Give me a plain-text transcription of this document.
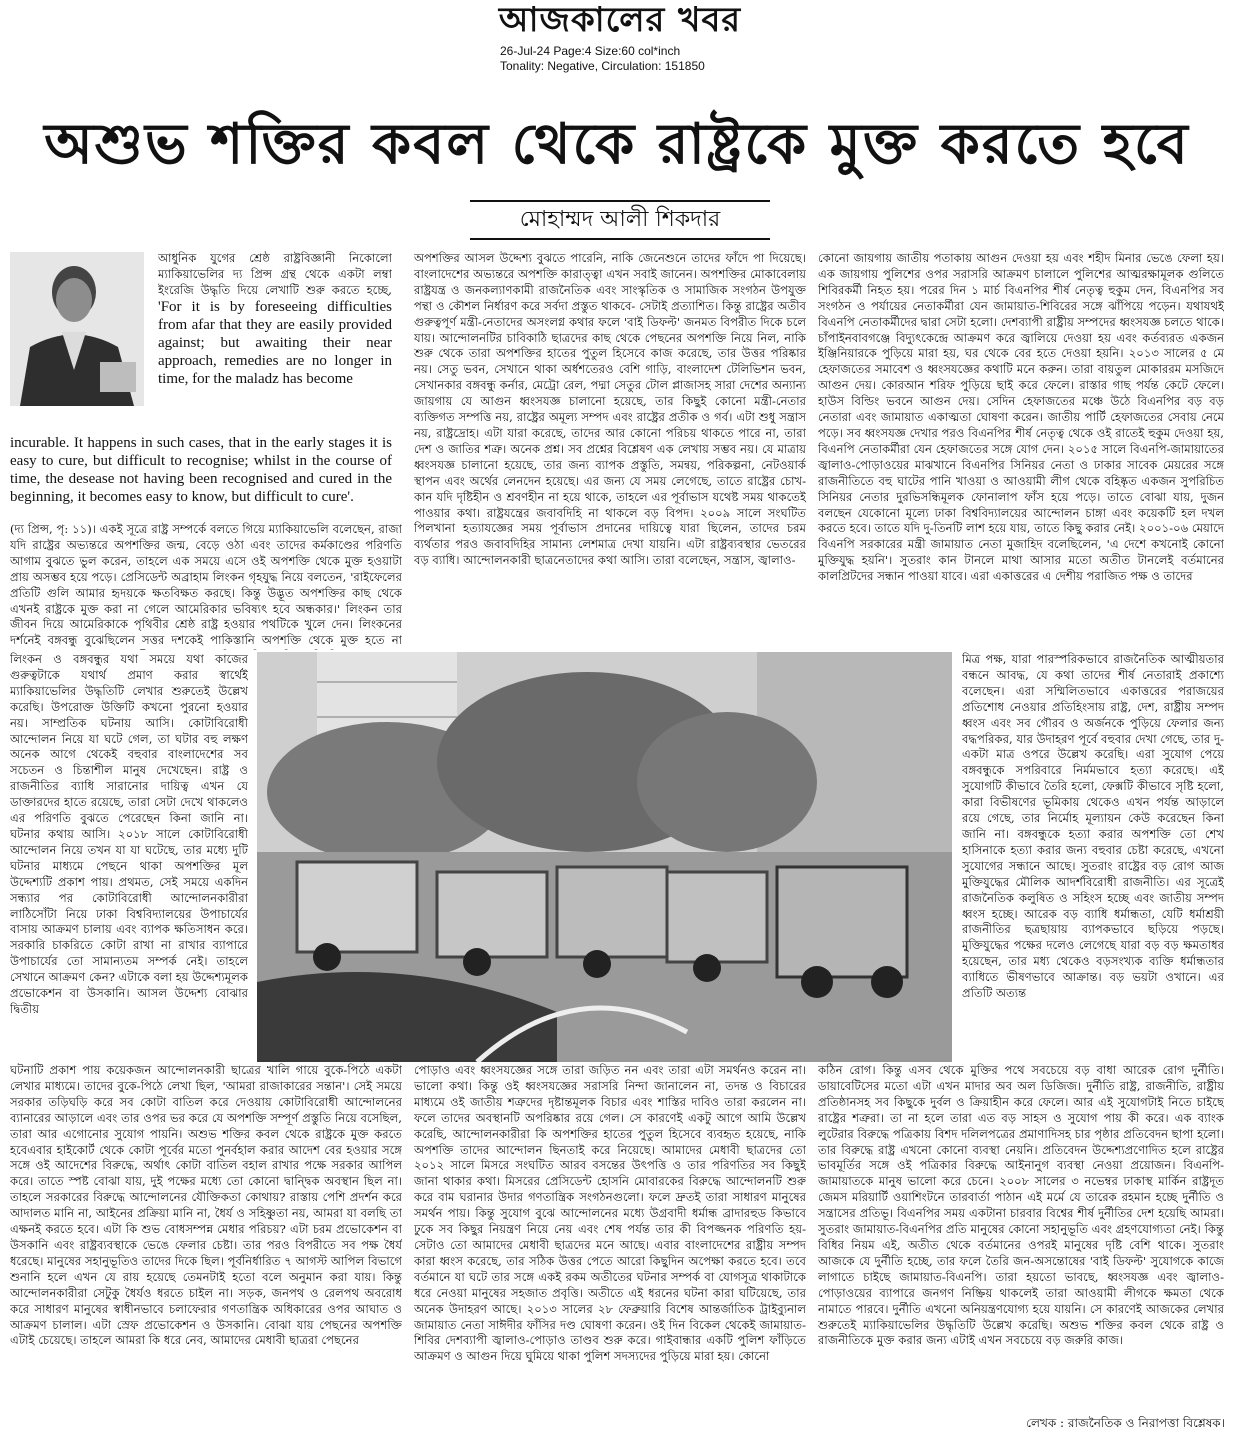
আজকালের খবর
26-Jul-24 Page:4 Size:60 col*inch
Tonality: Negative, Circulation: 151850
অশুভ শক্তির কবল থেকে রাষ্ট্রকে মুক্ত করতে হবে
মোহাম্মদ আলী শিকদার
আধুনিক যুগের শ্রেষ্ঠ রাষ্ট্রবিজ্ঞানী নিকোলো ম্যাকিয়াভেলির দ্য প্রিন্স গ্রন্থ থেকে একটা লম্বা ইংরেজি উদ্ধৃতি দিয়ে লেখাটি শুরু করতে হচ্ছে,
'For it is by foreseeing difficulties from afar that they are easily provided against; but awaiting their near approach, remedies are no longer in time, for the maladz has become
incurable. It happens in such cases, that in the early stages it is easy to cure, but difficult to recognise; whilst in the course of time, the desease not having been recognised and cured in the beginning, it becomes easy to know, but difficult to cure'.
(দ্য প্রিন্স, পৃ: ১১)। একই সূত্রে রাষ্ট্র সম্পর্কে বলতে গিয়ে ম্যাকিয়াভেলি বলেছেন, রাজা যদি রাষ্ট্রের অভ্যন্তরে অপশক্তির জন্ম, বেড়ে ওঠা এবং তাদের কর্মকাণ্ডের পরিণতি আগাম বুঝতে ভুল করেন, তাহলে এক সময়ে এসে ওই অপশক্তি থেকে মুক্ত হওয়াটা প্রায় অসম্ভব হয়ে পড়ে। প্রেসিডেন্ট অব্রাহাম লিংকন গৃহযুদ্ধ নিয়ে বলতেন, 'রাইফেলের প্রতিটি গুলি আমার হৃদয়কে ক্ষতবিক্ষত করছে। কিন্তু উদ্ভূত অপশক্তির কাছ থেকে এখনই রাষ্ট্রকে মুক্ত করা না গেলে আমেরিকার ভবিষ্যৎ হবে অন্ধকার।' লিংকন তার জীবন দিয়ে আমেরিকাকে পৃথিবীর শ্রেষ্ঠ রাষ্ট্র হওয়ার পথটিকে খুলে দেন। লিংকনের দর্শনেই বঙ্গবন্ধু বুঝেছিলেন সত্তর দশকেই পাকিস্তানি অপশক্তি থেকে মুক্ত হতে না
লিংকন ও বঙ্গবন্ধুর যথা সময়ে যথা কাজের গুরুত্বটাকে যথার্থ প্রমাণ করার স্বার্থেই ম্যাকিয়াভেলির উদ্ধৃতিটি লেখার শুরুতেই উল্লেখ করেছি। উপরোক্ত উক্তিটি কখনো পুরনো হওয়ার নয়। সাম্প্রতিক ঘটনায় আসি। কোটাবিরোধী আন্দোলন নিয়ে যা ঘটে গেল, তা ঘটার বহু লক্ষণ অনেক আগে থেকেই বহুবার বাংলাদেশের সব সচেতন ও চিন্তাশীল মানুষ দেখেছেন। রাষ্ট্র ও রাজনীতির ব্যাধি সারানোর দায়িত্ব এখন যে ডাক্তারদের হাতে রয়েছে, তারা সেটা দেখে থাকলেও এর পরিণতি বুঝতে পেরেছেন কিনা জানি না। ঘটনার কথায় আসি। ২০১৮ সালে কোটাবিরোধী আন্দোলন নিয়ে তখন যা যা ঘটেছে, তার মধ্যে দুটি ঘটনার মাধ্যমে পেছনে থাকা অপশক্তির মূল উদ্দেশ্যটি প্রকাশ পায়। প্রথমত, সেই সময়ে একদিন সন্ধ্যার পর কোটাবিরোধী আন্দোলনকারীরা লাঠিসোঁটা নিয়ে ঢাকা বিশ্ববিদ্যালয়ের উপাচার্যের বাসায় আক্রমণ চালায় এবং ব্যাপক ক্ষতিসাধন করে। সরকারি চাকরিতে কোটা রাখা না রাখার ব্যাপারে উপাচার্যের তো সামান্যতম সম্পর্ক নেই। তাহলে সেখানে আক্রমণ কেন? এটাকে বলা হয় উদ্দেশ্যমূলক প্রভোকেশন বা উসকানি। আসল উদ্দেশ্য বোঝার দ্বিতীয়
অপশক্তির আসল উদ্দেশ্য বুঝতে পারেনি, নাকি জেনেশুনে তাদের ফাঁদে পা দিয়েছে। বাংলাদেশের অভ্যন্তরে অপশক্তি কারাত্ত্বা এখন সবাই জানেন। অপশক্তির মোকাবেলায় রাষ্ট্রযন্ত্র ও জনকল্যাণকামী রাজনৈতিক এবং সাংস্কৃতিক ও সামাজিক সংগঠন উপযুক্ত পন্থা ও কৌশল নির্ধারণ করে সর্বদা প্রস্তুত থাকবে- সেটাই প্রত্যাশিত। কিন্তু রাষ্ট্রের অতীব গুরুত্বপূর্ণ মন্ত্রী-নেতাদের অসংলগ্ন কথার ফলে 'বাই ডিফল্ট' জনমত বিপরীত দিকে চলে যায়। আন্দোলনটির চাবিকাঠি ছাত্রদের কাছ থেকে পেছনের অপশক্তি নিয়ে নিল, নাকি শুরু থেকে তারা অপশক্তির হাতের পুতুল হিসেবে কাজ করেছে, তার উত্তর পরিষ্কার নয়। সেতু ভবন, সেখানে থাকা অর্ধশতেরও বেশি গাড়ি, বাংলাদেশ টেলিভিশন ভবন, সেখানকার বঙ্গবন্ধু কর্নার, মেট্রো রেল, পদ্মা সেতুর টোল প্লাজাসহ সারা দেশের অন্যান্য জায়গায় যে আগুন ধ্বংসযজ্ঞ চালানো হয়েছে, তার কিছুই কোনো মন্ত্রী-নেতার ব্যক্তিগত সম্পত্তি নয়, রাষ্ট্রের অমূল্য সম্পদ এবং রাষ্ট্রের প্রতীক ও গর্ব। এটা শুধু সন্ত্রাস নয়, রাষ্ট্রদ্রোহ। এটা যারা করেছে, তাদের আর কোনো পরিচয় থাকতে পারে না, তারা দেশ ও জাতির শত্রু। অনেক প্রশ্ন। সব প্রশ্নের বিশ্লেষণ এক লেখায় সম্ভব নয়। যে মাত্রায় ধ্বংসযজ্ঞ চালানো হয়েছে, তার জন্য ব্যাপক প্রস্তুতি, সমন্বয়, পরিকল্পনা, নেটওয়ার্ক স্থাপন এবং অর্থের লেনদেন হয়েছে। এর জন্য যে সময় লেগেছে, তাতে রাষ্ট্রের চোখ-কান যদি দৃষ্টিহীন ও শ্রবণহীন না হয়ে থাকে, তাহলে এর পূর্বাভাস যথেষ্ট সময় থাকতেই পাওয়ার কথা। রাষ্ট্রযন্ত্রের জবাবদিহি না থাকলে বড় বিপদ। ২০০৯ সালে সংঘটিত পিলখানা হত্যাযজ্ঞের সময় পূর্বাভাস প্রদানের দায়িত্বে যারা ছিলেন, তাদের চরম ব্যর্থতার পরও জবাবদিহির সামান্য লেশমাত্র দেখা যায়নি। এটা রাষ্ট্রব্যবস্থার ভেতরের বড় ব্যাধি। আন্দোলনকারী ছাত্রনেতাদের কথা আসি। তারা বলেছেন, সন্ত্রাস, জ্বালাও-
কোনো জায়গায় জাতীয় পতাকায় আগুন দেওয়া হয় এবং শহীদ মিনার ভেঙে ফেলা হয়। এক জায়গায় পুলিশের ওপর সরাসরি আক্রমণ চালালে পুলিশের আত্মরক্ষামূলক গুলিতে শিবিরকর্মী নিহত হয়। পরের দিন ১ মার্চ বিএনপির শীর্ষ নেতৃত্ব হুকুম দেন, বিএনপির সব সংগঠন ও পর্যায়ের নেতাকর্মীরা যেন জামায়াত-শিবিরের সঙ্গে ঝাঁপিয়ে পড়েন। যথাযথই বিএনপি নেতাকর্মীদের দ্বারা সেটা হলো। দেশব্যাপী রাষ্ট্রীয় সম্পদের ধ্বংসযজ্ঞ চলতে থাকে। চাঁপাইনবাবগঞ্জে বিদ্যুৎকেন্দ্রে আক্রমণ করে জ্বালিয়ে দেওয়া হয় এবং কর্তব্যরত একজন ইঞ্জিনিয়ারকে পুড়িয়ে মারা হয়, ঘর থেকে বের হতে দেওয়া হয়নি। ২০১৩ সালের ৫ মে হেফাজতের সমাবেশ ও ধ্বংসযজ্ঞের কথাটি মনে করুন। তারা বায়তুল মোকাররম মসজিদে আগুন দেয়। কোরআন শরিফ পুড়িয়ে ছাই করে ফেলে। রাস্তার গাছ পর্যন্ত কেটে ফেলে। হাউস বিল্ডিং ভবনে আগুন দেয়। সেদিন হেফাজতের মঞ্চে উঠে বিএনপির বড় বড় নেতারা এবং জামায়াত একাত্মতা ঘোষণা করেন। জাতীয় পার্টি হেফাজতের সেবায় নেমে পড়ে। সব ধ্বংসযজ্ঞ দেখার পরও বিএনপির শীর্ষ নেতৃত্ব থেকে ওই রাতেই হুকুম দেওয়া হয়, বিএনপি নেতাকর্মীরা যেন হেফাজতের সঙ্গে যোগ দেন। ২০১৫ সালে বিএনপি-জামায়াতের জ্বালাও-পোড়াওয়ের মাঝখানে বিএনপির সিনিয়র নেতা ও ঢাকার সাবেক মেয়রের সঙ্গে রাজনীতিতে বহু ঘাটের পানি খাওয়া ও আওয়ামী লীগ থেকে বহিষ্কৃত একজন সুপরিচিত সিনিয়র নেতার দুরভিসন্ধিমূলক ফোনালাপ ফাঁস হয়ে পড়ে। তাতে বোঝা যায়, দুজন বলছেন যেকোনো মূল্যে ঢাকা বিশ্ববিদ্যালয়ের আন্দোলন চাঙ্গা এবং কয়েকটি হল দখল করতে হবে। তাতে যদি দু-তিনটি লাশ হয়ে যায়, তাতে কিছু করার নেই। ২০০১-০৬ মেয়াদে বিএনপি সরকারের মন্ত্রী জামায়াত নেতা মুজাহিদ বলেছিলেন, 'এ দেশে কখনোই কোনো মুক্তিযুদ্ধ হয়নি'। সুতরাং কান টানলে মাথা আসার মতো অতীত টানলেই বর্তমানের কালপ্রিটদের সন্ধান পাওয়া যাবে। এরা একাত্তরের এ দেশীয় পরাজিত পক্ষ ও তাদের
মিত্র পক্ষ, যারা পারস্পরিকভাবে রাজনৈতিক আত্মীয়তার বন্ধনে আবদ্ধ, যে কথা তাদের শীর্ষ নেতারাই প্রকাশ্যে বলেছেন। এরা সম্মিলিতভাবে একাত্তরের পরাজয়ের প্রতিশোধ নেওয়ার প্রতিহিংসায় রাষ্ট্র, দেশ, রাষ্ট্রীয় সম্পদ ধ্বংস এবং সব গৌরব ও অর্জনকে পুড়িয়ে ফেলার জন্য বদ্ধপরিকর, যার উদাহরণ পূর্বে বহুবার দেখা গেছে, তার দু-একটা মাত্র ওপরে উল্লেখ করেছি। এরা সুযোগ পেয়ে বঙ্গবন্ধুকে সপরিবারে নির্মমভাবে হত্যা করেছে। এই সুযোগটি কীভাবে তৈরি হলো, ফেক্সটি কীভাবে সৃষ্টি হলো, কারা বিভীষণের ভূমিকায় থেকেও এখন পর্যন্ত আড়ালে রয়ে গেছে, তার নির্মোহ মূল্যায়ন কেউ করেছেন কিনা জানি না। বঙ্গবন্ধুকে হত্যা করার অপশক্তি তো শেখ হাসিনাকে হত্যা করার জন্য বহুবার চেষ্টা করেছে, এখনো সুযোগের সন্ধানে আছে। সুতরাং রাষ্ট্রের বড় রোগ আজ মুক্তিযুদ্ধের মৌলিক আদর্শবিরোধী রাজনীতি। এর সূত্রেই রাজনৈতিক কলুষিত ও সহিংস হচ্ছে এবং জাতীয় সম্পদ ধ্বংস হচ্ছে। আরেক বড় ব্যাধি ধর্মান্ধতা, যেটি ধর্মাশ্রয়ী রাজনীতির ছত্রছায়ায় ব্যাপকভাবে ছড়িয়ে পড়ছে। মুক্তিযুদ্ধের পক্ষের দলেও লেগেছে যারা বড় বড় ক্ষমতাধর হয়েছেন, তার মধ্য থেকেও বড়সংখ্যক ব্যক্তি ধর্মান্ধতার ব্যাধিতে ভীষণভাবে আক্রান্ত। বড় ভয়টা ওখানে। এর প্রতিটি অত্যন্ত
ঘটনাটি প্রকাশ পায় কয়েকজন আন্দোলনকারী ছাত্রের খালি গায়ে বুকে-পিঠে একটা লেখার মাধ্যমে। তাদের বুকে-পিঠে লেখা ছিল, 'আমরা রাজাকারের সন্তান'। সেই সময়ে সরকার তড়িঘড়ি করে সব কোটা বাতিল করে দেওয়ায় কোটাবিরোধী আন্দোলনের ব্যানারের আড়ালে এবং তার ওপর ভর করে যে অপশক্তি সম্পূর্ণ প্রস্তুতি নিয়ে বসেছিল, তারা আর এগোনোর সুযোগ পায়নি। অশুভ শক্তির কবল থেকে রাষ্ট্রকে মুক্ত করতে হবেএবার হাইকোর্ট থেকে কোটা পূর্বের মতো পুনর্বহাল করার আদেশ বের হওয়ার সঙ্গে সঙ্গে ওই আদেশের বিরুদ্ধে, অর্থাৎ কোটা বাতিল বহাল রাখার পক্ষে সরকার আপিল করে। তাতে স্পষ্ট বোঝা যায়, দুই পক্ষের মধ্যে তো কোনো দ্বান্দ্বিক অবস্থান ছিল না। তাহলে সরকারের বিরুদ্ধে আন্দোলনের যৌক্তিকতা কোথায়? রাস্তায় পেশি প্রদর্শন করে আদালত মানি না, আইনের প্রক্রিয়া মানি না, ধৈর্য ও সহিষ্ণুতা নয়, আমরা যা বলছি তা এক্ষনই করতে হবে। এটা কি শুভ বোধসম্পন্ন মেধার পরিচয়? এটা চরম প্রভোকেশন বা উসকানি এবং রাষ্ট্রব্যবস্থাকে ভেঙে ফেলার চেষ্টা। তার পরও বিপরীতে সব পক্ষ ধৈর্য ধরেছে। মানুষের সহানুভূতিও তাদের দিকে ছিল। পূর্বনির্ধারিত ৭ আগস্ট আপিল বিভাগে শুনানি হলে এখন যে রায় হয়েছে তেমনটাই হতো বলে অনুমান করা যায়। কিন্তু আন্দোলনকারীরা সেটুকু ধৈর্যও ধরতে চাইল না। সড়ক, জনপথ ও রেলপথ অবরোধ করে সাধারণ মানুষের স্বাধীনভাবে চলাফেরার গণতান্ত্রিক অধিকারের ওপর আঘাত ও আক্রমণ চালাল। এটা স্রেফ প্রভোকেশন ও উসকানি। বোঝা যায় পেছনের অপশক্তি এটাই চেয়েছে। তাহলে আমরা কি ধরে নেব, আমাদের মেধাবী ছাত্ররা পেছনের
পোড়াও এবং ধ্বংসযজ্ঞের সঙ্গে তারা জড়িত নন এবং তারা এটা সমর্থনও করেন না। ভালো কথা। কিন্তু ওই ধ্বংসযজ্ঞের সরাসরি নিন্দা জানালেন না, তদন্ত ও বিচারের মাধ্যমে ওই জাতীয় শত্রুদের দৃষ্টান্তমূলক বিচার এবং শাস্তির দাবিও তারা করলেন না। ফলে তাদের অবস্থানটি অপরিষ্কার রয়ে গেল। সে কারণেই একটু আগে আমি উল্লেখ করেছি, আন্দোলনকারীরা কি অপশক্তির হাতের পুতুল হিসেবে ব্যবহৃত হয়েছে, নাকি অপশক্তি তাদের আন্দোলন ছিনতাই করে নিয়েছে। আমাদের মেধাবী ছাত্রদের তো ২০১২ সালে মিসরে সংঘটিত আরব বসন্তের উৎপত্তি ও তার পরিণতির সব কিছুই জানা থাকার কথা। মিসরের প্রেসিডেন্ট হোসনি মোবারকের বিরুদ্ধে আন্দোলনটি শুরু করে বাম ঘরানার উদার গণতান্ত্রিক সংগঠনগুলো। ফলে দ্রুতই তারা সাধারণ মানুষের সমর্থন পায়। কিন্তু সুযোগ বুঝে আন্দোলনের মধ্যে উগ্রবাদী ধর্মান্ধ ব্রাদারহুড কিভাবে ঢুকে সব কিছুর নিয়ন্ত্রণ নিয়ে নেয় এবং শেষ পর্যন্ত তার কী বিপজ্জনক পরিণতি হয়-সেটাও তো আমাদের মেধাবী ছাত্রদের মনে আছে। এবার বাংলাদেশের রাষ্ট্রীয় সম্পদ কারা ধ্বংস করেছে, তার সঠিক উত্তর পেতে আরো কিছুদিন অপেক্ষা করতে হবে। তবে বর্তমানে যা ঘটে তার সঙ্গে একই রকম অতীতের ঘটনার সম্পর্ক বা যোগসূত্র থাকাটাকে ধরে নেওয়া মানুষের সহজাত প্রবৃত্তি। অতীতে এই ধরনের ঘটনা কারা ঘটিয়েছে, তার অনেক উদাহরণ আছে। ২০১৩ সালের ২৮ ফেব্রুয়ারি বিশেষ আন্তর্জাতিক ট্রাইব্যুনাল জামায়াত নেতা সাঈদীর ফাঁসির দণ্ড ঘোষণা করেন। ওই দিন বিকেল থেকেই জামায়াত-শিবির দেশব্যাপী জ্বালাও-পোড়াও তাণ্ডব শুরু করে। গাইবান্ধার একটি পুলিশ ফাঁড়িতে আক্রমণ ও আগুন দিয়ে ঘুমিয়ে থাকা পুলিশ সদস্যদের পুড়িয়ে মারা হয়। কোনো
কঠিন রোগ। কিন্তু এসব থেকে মুক্তির পথে সবচেয়ে বড় বাধা আরেক রোগ দুর্নীতি। ডায়াবেটিসের মতো এটা এখন মাদার অব অল ডিজিজ। দুর্নীতি রাষ্ট্র, রাজনীতি, রাষ্ট্রীয় প্রতিষ্ঠানসহ সব কিছুকে দুর্বল ও ক্রিয়াহীন করে ফেলে। আর এই সুযোগটাই নিতে চাইছে রাষ্ট্রের শত্রুরা। তা না হলে তারা এত বড় সাহস ও সুযোগ পায় কী করে। এক ব্যাংক লুটেরার বিরুদ্ধে পত্রিকায় বিশদ দলিলপত্রের প্রমাণাদিসহ চার পৃষ্ঠার প্রতিবেদন ছাপা হলো। তার বিরুদ্ধে রাষ্ট্র এখনো কোনো ব্যবস্থা নেয়নি। প্রতিবেদন উদ্দেশ্যপ্রণোদিত হলে রাষ্ট্রের ভাবমূর্তির সঙ্গে ওই পত্রিকার বিরুদ্ধে আইনানুগ ব্যবস্থা নেওয়া প্রয়োজন। বিএনপি-জামায়াতকে মানুষ ভালো করে চেনে। ২০০৮ সালের ৩ নভেম্বর ঢাকাস্থ মার্কিন রাষ্ট্রদূত জেমস মরিয়ার্টি ওয়াশিংটনে তারবার্তা পাঠান এই মর্মে যে তারেক রহমান হচ্ছে দুর্নীতি ও সন্ত্রাসের প্রতিভূ। বিএনপির সময় একটানা চারবার বিশ্বের শীর্ষ দুর্নীতির দেশ হয়েছি আমরা। সুতরাং জামায়াত-বিএনপির প্রতি মানুষের কোনো সহানুভূতি এবং গ্রহণযোগ্যতা নেই। কিন্তু বিধির নিয়ম এই, অতীত থেকে বর্তমানের ওপরই মানুষের দৃষ্টি বেশি থাকে। সুতরাং আজকে যে দুর্নীতি হচ্ছে, তার ফলে তৈরি জন-অসন্তোষের 'বাই ডিফল্ট' সুযোগকে কাজে লাগাতে চাইছে জামায়াত-বিএনপি। তারা হয়তো ভাবছে, ধ্বংসযজ্ঞ এবং জ্বালাও-পোড়াওয়ের ব্যাপারে জনগণ নিষ্ক্রিয় থাকলেই তারা আওয়ামী লীগকে ক্ষমতা থেকে নামাতে পারবে। দুর্নীতি এখনো অনিয়ন্ত্রণযোগ্য হয়ে যায়নি। সে কারণেই আজকের লেখার শুরুতেই ম্যাকিয়াভেলির উদ্ধৃতিটি উল্লেখ করেছি। অশুভ শক্তির কবল থেকে রাষ্ট্র ও রাজনীতিকে মুক্ত করার জন্য এটাই এখন সবচেয়ে বড় জরুরি কাজ।
লেখক : রাজনৈতিক ও নিরাপত্তা বিশ্লেষক।
